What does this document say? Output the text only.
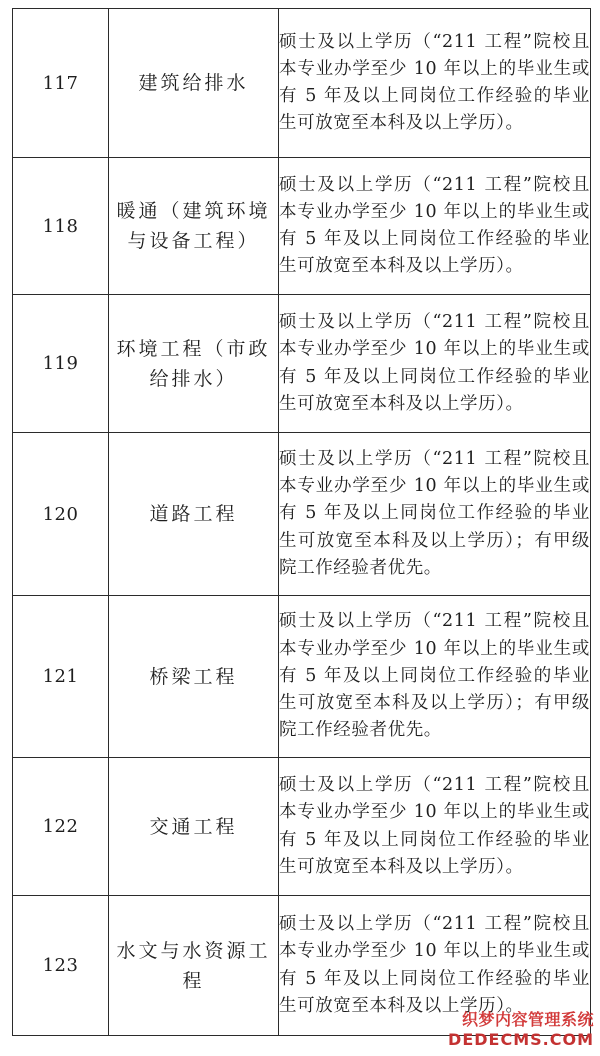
117	建筑给排水	硕士及以上学历（“211 工程”院校且本专业办学至少 10 年以上的毕业生或有 5 年及以上同岗位工作经验的毕业生可放宽至本科及以上学历）。
118	暖通（建筑环境与设备工程）	硕士及以上学历（“211 工程”院校且本专业办学至少 10 年以上的毕业生或有 5 年及以上同岗位工作经验的毕业生可放宽至本科及以上学历）。
119	环境工程（市政给排水）	硕士及以上学历（“211 工程”院校且本专业办学至少 10 年以上的毕业生或有 5 年及以上同岗位工作经验的毕业生可放宽至本科及以上学历）。
120	道路工程	硕士及以上学历（“211 工程”院校且本专业办学至少 10 年以上的毕业生或有 5 年及以上同岗位工作经验的毕业生可放宽至本科及以上学历）；有甲级院工作经验者优先。
121	桥梁工程	硕士及以上学历（“211 工程”院校且本专业办学至少 10 年以上的毕业生或有 5 年及以上同岗位工作经验的毕业生可放宽至本科及以上学历）；有甲级院工作经验者优先。
122	交通工程	硕士及以上学历（“211 工程”院校且本专业办学至少 10 年以上的毕业生或有 5 年及以上同岗位工作经验的毕业生可放宽至本科及以上学历）。
123	水文与水资源工程	硕士及以上学历（“211 工程”院校且本专业办学至少 10 年以上的毕业生或有 5 年及以上同岗位工作经验的毕业生可放宽至本科及以上学历）。
织梦内容管理系统
DEDECMS.COM
